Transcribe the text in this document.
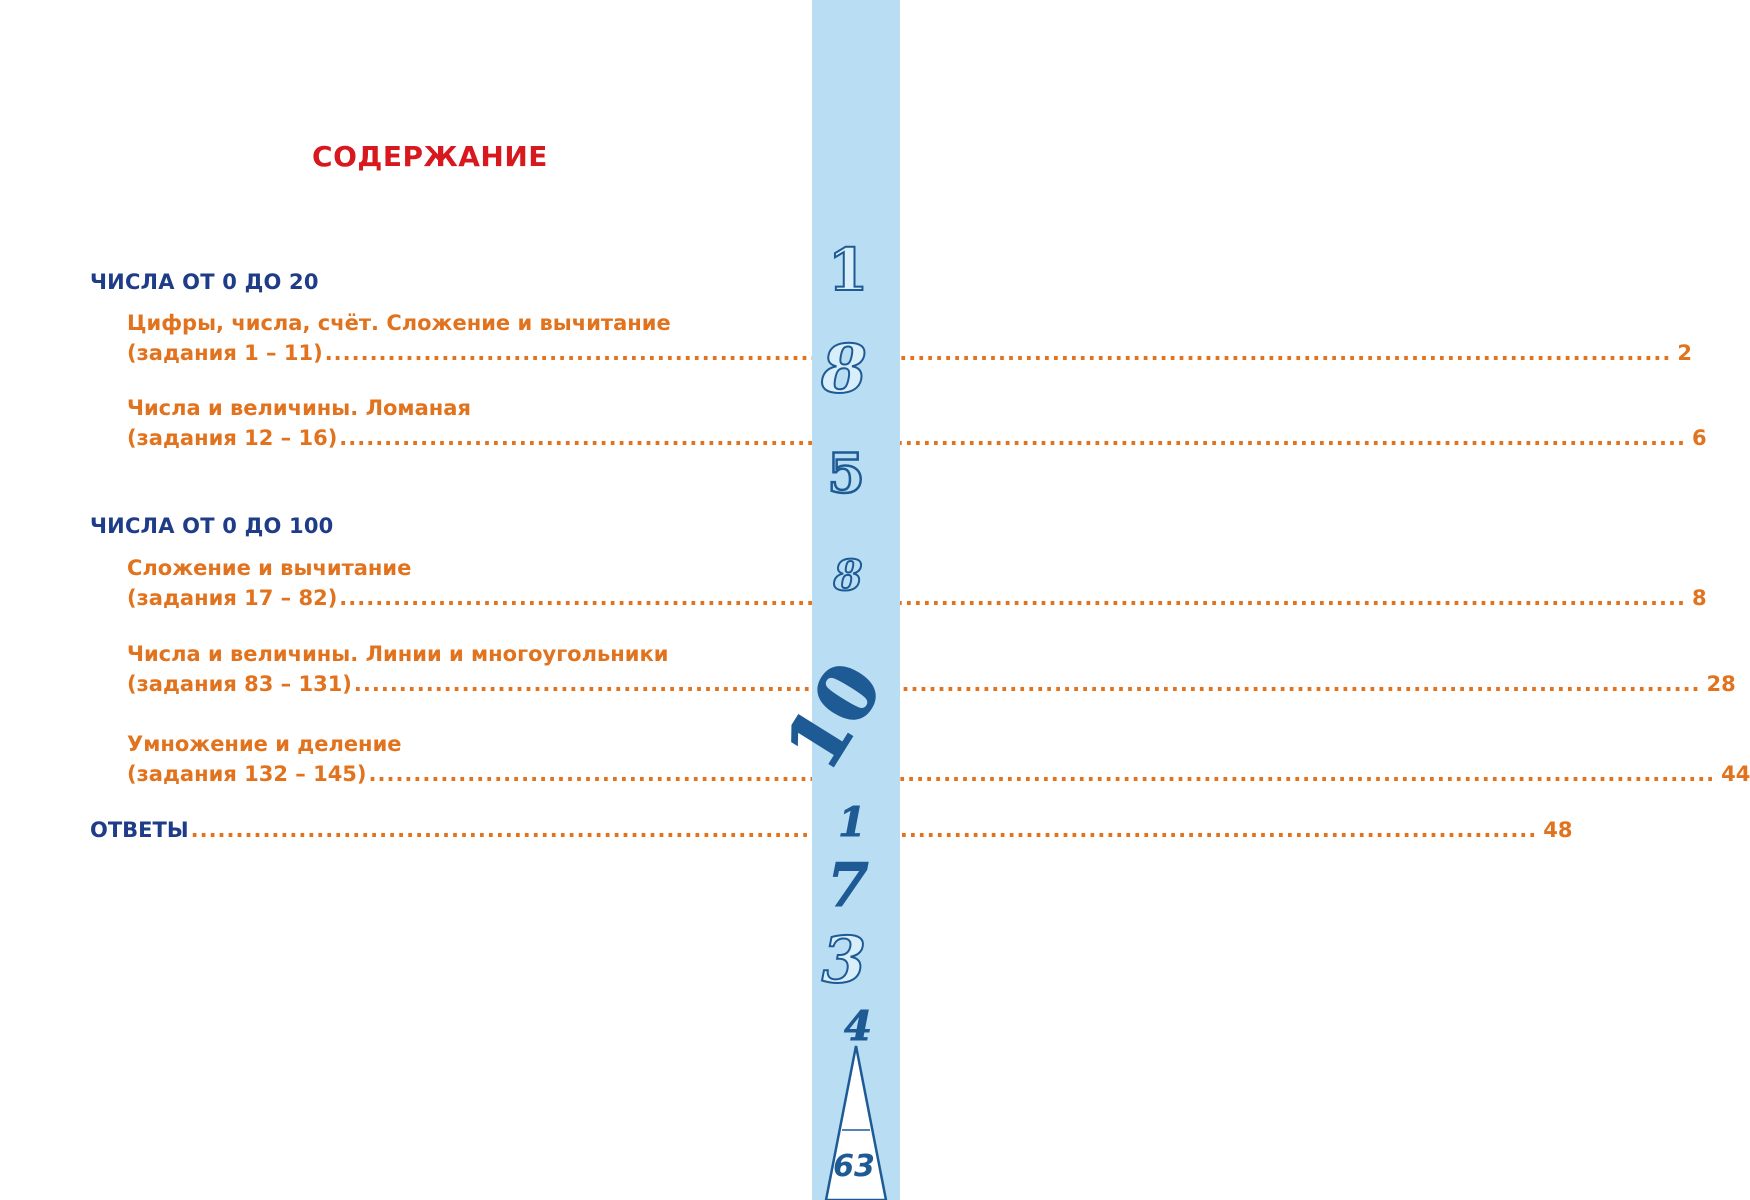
СОДЕРЖАНИЕ
ЧИСЛА ОТ 0 ДО 20
Цифры, числа, счёт. Сложение и вычитание
(задания 1 – 11) .....	2
Числа и величины. Ломаная
(задания 12 – 16) .....	6
ЧИСЛА ОТ 0 ДО 100
Сложение и вычитание
(задания 17 – 82) .....	8
Числа и величины. Линии и многоугольники
(задания 83 – 131) .....	28
Умножение и деление
(задания 132 – 145) .....	44
ОТВЕТЫ .....	48
1
8
5
8
10
1
7
3
4
63
